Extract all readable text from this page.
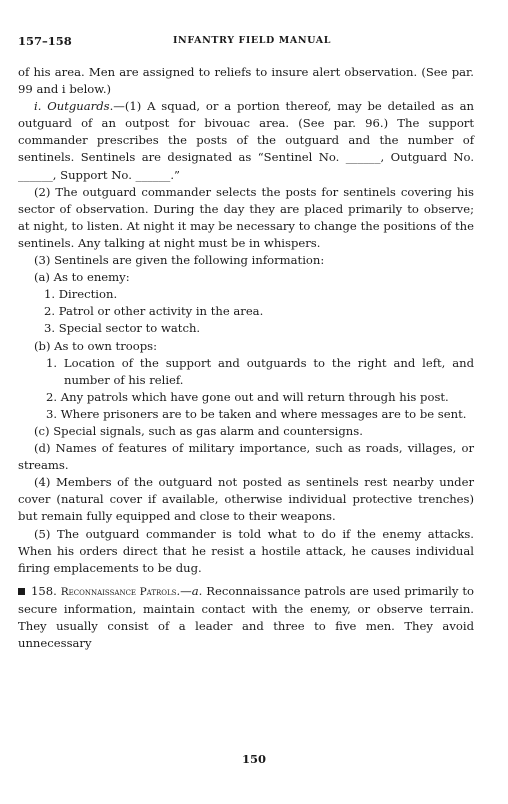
157–158	INFANTRY FIELD MANUAL

of his area. Men are assigned to reliefs to insure alert observation. (See par. 99 and i below.)

i. Outguards.—(1) A squad, or a portion thereof, may be detailed as an outguard of an outpost for bivouac area. (See par. 96.) The support commander prescribes the posts of the outguard and the number of sentinels. Sentinels are designated as “Sentinel No. ______, Outguard No. ______, Support No. ______.”

(2) The outguard commander selects the posts for sentinels covering his sector of observation. During the day they are placed primarily to observe; at night, to listen. At night it may be necessary to change the positions of the sentinels. Any talking at night must be in whispers.

(3) Sentinels are given the following information:

(a) As to enemy:

1. Direction.

2. Patrol or other activity in the area.

3. Special sector to watch.

(b) As to own troops:

1. Location of the support and outguards to the right and left, and number of his relief.

2. Any patrols which have gone out and will return through his post.

3. Where prisoners are to be taken and where messages are to be sent.

(c) Special signals, such as gas alarm and countersigns.

(d) Names of features of military importance, such as roads, villages, or streams.

(4) Members of the outguard not posted as sentinels rest nearby under cover (natural cover if available, otherwise individual protective trenches) but remain fully equipped and close to their weapons.

(5) The outguard commander is told what to do if the enemy attacks. When his orders direct that he resist a hostile attack, he causes individual firing emplacements to be dug.

158. Reconnaissance Patrols.—a. Reconnaissance patrols are used primarily to secure information, maintain contact with the enemy, or observe terrain. They usually consist of a leader and three to five men. They avoid unnecessary

150
